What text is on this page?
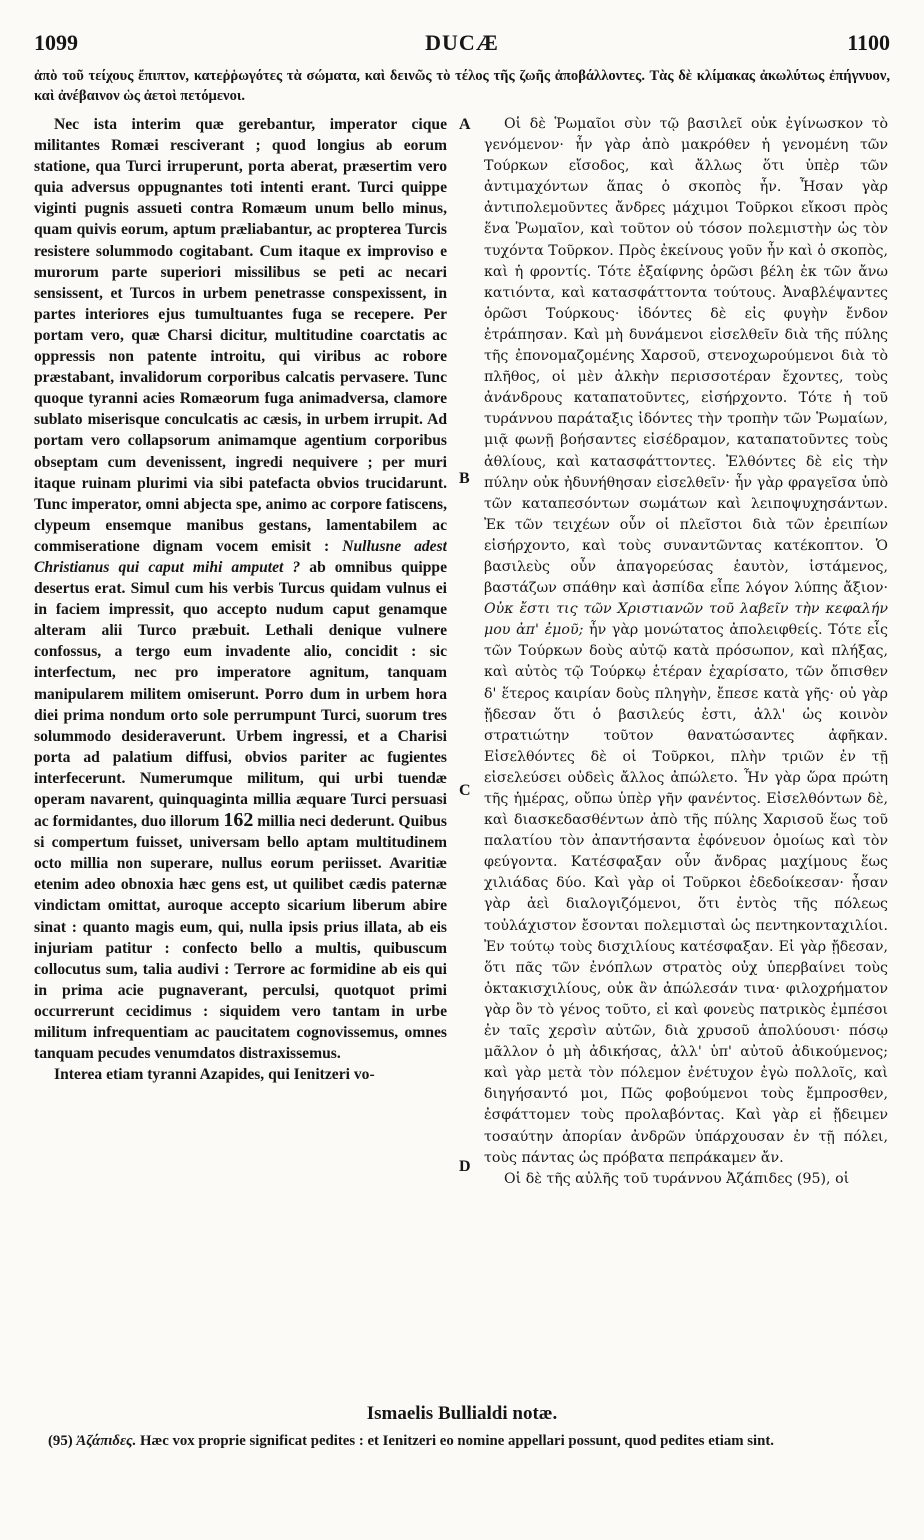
1099	DUCÆ	1100
ἀπὸ τοῦ τείχους ἔπιπτον, κατεῤῥωγότες τὰ σώματα, καὶ δεινῶς τὸ τέλος τῆς ζωῆς ἀποβάλλοντες. Τὰς δὲ κλίμακας ἀκωλύτως ἐπήγνυον, καὶ ἀνέβαινον ὡς ἀετοὶ πετόμενοι.

Nec ista interim quæ gerebantur, imperator cique militantes Romæi resciverant ; quod longius ab eorum statione, qua Turci irruperunt, porta aberat, præsertim vero quia adversus oppugnantes toti intenti erant. Turci quippe viginti pugnis assueti contra Romæum unum bello minus, quam quivis eorum, aptum præliabantur, ac propterea Turcis resistere solummodo cogitabant. Cum itaque ex improviso e murorum parte superiori missilibus se peti ac necari sensissent, et Turcos in urbem penetrasse conspexissent, in partes interiores ejus tumultuantes fuga se recepere. Per portam vero, quæ Charsi dicitur, multitudine coarctatis ac oppressis non patente introitu, qui viribus ac robore præstabant, invalidorum corporibus calcatis pervasere. Tunc quoque tyranni acies Romæorum fuga animadversa, clamore sublato miserisque conculcatis ac cæsis, in urbem irrupit. Ad portam vero collapsorum animamque agentium corporibus obseptam cum devenissent, ingredi nequivere ; per muri itaque ruinam plurimi via sibi patefacta obvios trucidarunt. Tunc imperator, omni abjecta spe, animo ac corpore fatiscens, clypeum ensemque manibus gestans, lamentabilem ac commiseratione dignam vocem emisit : Nullusne adest Christianus qui caput mihi amputet ? ab omnibus quippe desertus erat. Simul cum his verbis Turcus quidam vulnus ei in faciem impressit, quo accepto nudum caput genamque alteram alii Turco præbuit. Lethali denique vulnere confossus, a tergo eum invadente alio, concidit : sic interfectum, nec pro imperatore agnitum, tanquam manipularem militem omiserunt. Porro dum in urbem hora diei prima nondum orto sole perrumpunt Turci, suorum tres solummodo desideraverunt. Urbem ingressi, et a Charisi porta ad palatium diffusi, obvios pariter ac fugientes interfecerunt. Numerumque militum, qui urbi tuendæ operam navarent, quinquaginta millia æquare Turci persuasi ac formidantes, duo illorum 162 millia neci dederunt. Quibus si compertum fuisset, universam bello aptam multitudinem octo millia non superare, nullus eorum periisset. Avaritiæ etenim adeo obnoxia hæc gens est, ut quilibet cædis paternæ vindictam omittat, auroque accepto sicarium liberum abire sinat : quanto magis eum, qui, nulla ipsis prius illata, ab eis injuriam patitur : confecto bello a multis, quibuscum collocutus sum, talia audivi : Terrore ac formidine ab eis qui in prima acie pugnaverant, perculsi, quotquot primi occurrerunt cecidimus : siquidem vero tantam in urbe militum infrequentiam ac paucitatem cognovissemus, omnes tanquam pecudes venumdatos distraxissemus.

Interea etiam tyranni Azapides, qui Ienitzeri vo-

A
B
C
D

Οἱ δὲ Ῥωμαῖοι σὺν τῷ βασιλεῖ οὐκ ἐγίνωσκον τὸ γενόμενον· ἦν γὰρ ἀπὸ μακρόθεν ἡ γενομένη τῶν Τούρκων εἴσοδος, καὶ ἄλλως ὅτι ὑπὲρ τῶν ἀντιμαχόντων ἅπας ὁ σκοπὸς ἦν. Ἦσαν γὰρ ἀντιπολεμοῦντες ἄνδρες μάχιμοι Τοῦρκοι εἴκοσι πρὸς ἕνα Ῥωμαῖον, καὶ τοῦτον οὐ τόσον πολεμιστὴν ὡς τὸν τυχόντα Τοῦρκον. Πρὸς ἐκείνους γοῦν ἦν καὶ ὁ σκοπὸς, καὶ ἡ φροντίς. Τότε ἐξαίφνης ὁρῶσι βέλη ἐκ τῶν ἄνω κατιόντα, καὶ κατασφάττοντα τούτους. Ἀναβλέψαντες ὁρῶσι Τούρκους· ἰδόντες δὲ εἰς φυγὴν ἔνδον ἐτράπησαν. Καὶ μὴ δυνάμενοι εἰσελθεῖν διὰ τῆς πύλης τῆς ἐπονομαζομένης Χαρσοῦ, στενοχωρούμενοι διὰ τὸ πλῆθος, οἱ μὲν ἀλκὴν περισσοτέραν ἔχοντες, τοὺς ἀνάνδρους καταπατοῦντες, εἰσήρχοντο. Τότε ἡ τοῦ τυράννου παράταξις ἰδόντες τὴν τροπὴν τῶν Ῥωμαίων, μιᾷ φωνῇ βοήσαντες εἰσέδραμον, καταπατοῦντες τοὺς ἀθλίους, καὶ κατασφάττοντες. Ἐλθόντες δὲ εἰς τὴν πύλην οὐκ ἠδυνήθησαν εἰσελθεῖν· ἦν γὰρ φραγεῖσα ὑπὸ τῶν καταπεσόντων σωμάτων καὶ λειποψυχησάντων. Ἐκ τῶν τειχέων οὖν οἱ πλεῖστοι διὰ τῶν ἐρειπίων εἰσήρχοντο, καὶ τοὺς συναντῶντας κατέκοπτον. Ὁ βασιλεὺς οὖν ἀπαγορεύσας ἑαυτὸν, ἱστάμενος, βαστάζων σπάθην καὶ ἀσπίδα εἶπε λόγον λύπης ἄξιον· Οὐκ ἔστι τις τῶν Χριστιανῶν τοῦ λαβεῖν τὴν κεφαλήν μου ἀπ' ἐμοῦ; ἦν γὰρ μονώτατος ἀπολειφθείς. Τότε εἷς τῶν Τούρκων δοὺς αὐτῷ κατὰ πρόσωπον, καὶ πλήξας, καὶ αὐτὸς τῷ Τούρκῳ ἑτέραν ἐχαρίσατο, τῶν ὄπισθεν δ' ἕτερος καιρίαν δοὺς πληγὴν, ἔπεσε κατὰ γῆς· οὐ γὰρ ᾔδεσαν ὅτι ὁ βασιλεύς ἐστι, ἀλλ' ὡς κοινὸν στρατιώτην τοῦτον θανατώσαντες ἀφῆκαν. Εἰσελθόντες δὲ οἱ Τοῦρκοι, πλὴν τριῶν ἐν τῇ εἰσελεύσει οὐδεὶς ἄλλος ἀπώλετο. Ἦν γὰρ ὥρα πρώτη τῆς ἡμέρας, οὔπω ὑπὲρ γῆν φανέντος. Εἰσελθόντων δὲ, καὶ διασκεδασθέντων ἀπὸ τῆς πύλης Χαρισοῦ ἕως τοῦ παλατίου τὸν ἀπαντήσαντα ἐφόνευον ὁμοίως καὶ τὸν φεύγοντα. Κατέσφαξαν οὖν ἄνδρας μαχίμους ἕως χιλιάδας δύο. Καὶ γὰρ οἱ Τοῦρκοι ἐδεδοίκεσαν· ἦσαν γὰρ ἀεὶ διαλογιζόμενοι, ὅτι ἐντὸς τῆς πόλεως τοὐλάχιστον ἔσονται πολεμισταὶ ὡς πεντηκονταχιλίοι. Ἐν τούτῳ τοὺς δισχιλίους κατέσφαξαν. Εἰ γὰρ ᾔδεσαν, ὅτι πᾶς τῶν ἐνόπλων στρατὸς οὐχ ὑπερβαίνει τοὺς ὀκτακισχιλίους, οὐκ ἂν ἀπώλεσάν τινα· φιλοχρήματον γὰρ ὂν τὸ γένος τοῦτο, εἰ καὶ φονεὺς πατρικὸς ἐμπέσοι ἐν ταῖς χερσὶν αὐτῶν, διὰ χρυσοῦ ἀπολύουσι· πόσῳ μᾶλλον ὁ μὴ ἀδικήσας, ἀλλ' ὑπ' αὐτοῦ ἀδικούμενος; καὶ γὰρ μετὰ τὸν πόλεμον ἐνέτυχον ἐγὼ πολλοῖς, καὶ διηγήσαντό μοι, Πῶς φοβούμενοι τοὺς ἔμπροσθεν, ἐσφάττομεν τοὺς προλαβόντας. Καὶ γὰρ εἰ ᾔδειμεν τοσαύτην ἀπορίαν ἀνδρῶν ὑπάρχουσαν ἐν τῇ πόλει, τοὺς πάντας ὡς πρόβατα πεπράκαμεν ἄν.

Οἱ δὲ τῆς αὐλῆς τοῦ τυράννου Ἀζάπιδες (95), οἱ

Ismaelis Bullialdi notæ.
(95) Ἀζάπιδες. Hæc vox proprie significat pedites : et Ienitzeri eo nomine appellari possunt, quod pedites etiam sint.
